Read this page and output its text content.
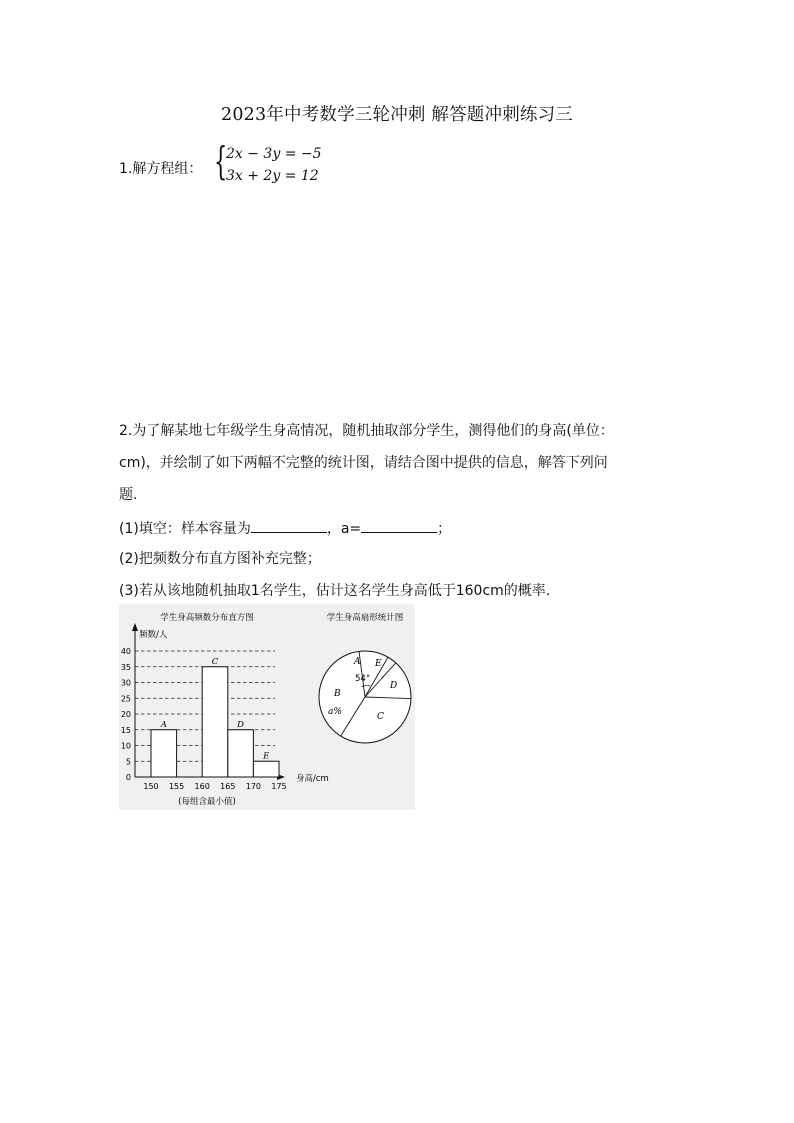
2023年中考数学三轮冲刺 解答题冲刺练习三
1.解方程组： {
2x − 3y = −5
3x + 2y = 12
2.为了解某地七年级学生身高情况，随机抽取部分学生，测得他们的身高(单位：
cm)，并绘制了如下两幅不完整的统计图，请结合图中提供的信息，解答下列问
题.
(1)填空：样本容量为	，a=	；
(2)把频数分布直方图补充完整；
(3)若从该地随机抽取1名学生，估计这名学生身高低于160cm的概率.
学生身高频数分布直方图
频数/人
身高/cm
0
5
10
15
20
25
30
35
40
150 155 160 165 170 175
A
C
D
E
(每组含最小值)
学生身高扇形统计图
A E
54°
D
B
a%	C
